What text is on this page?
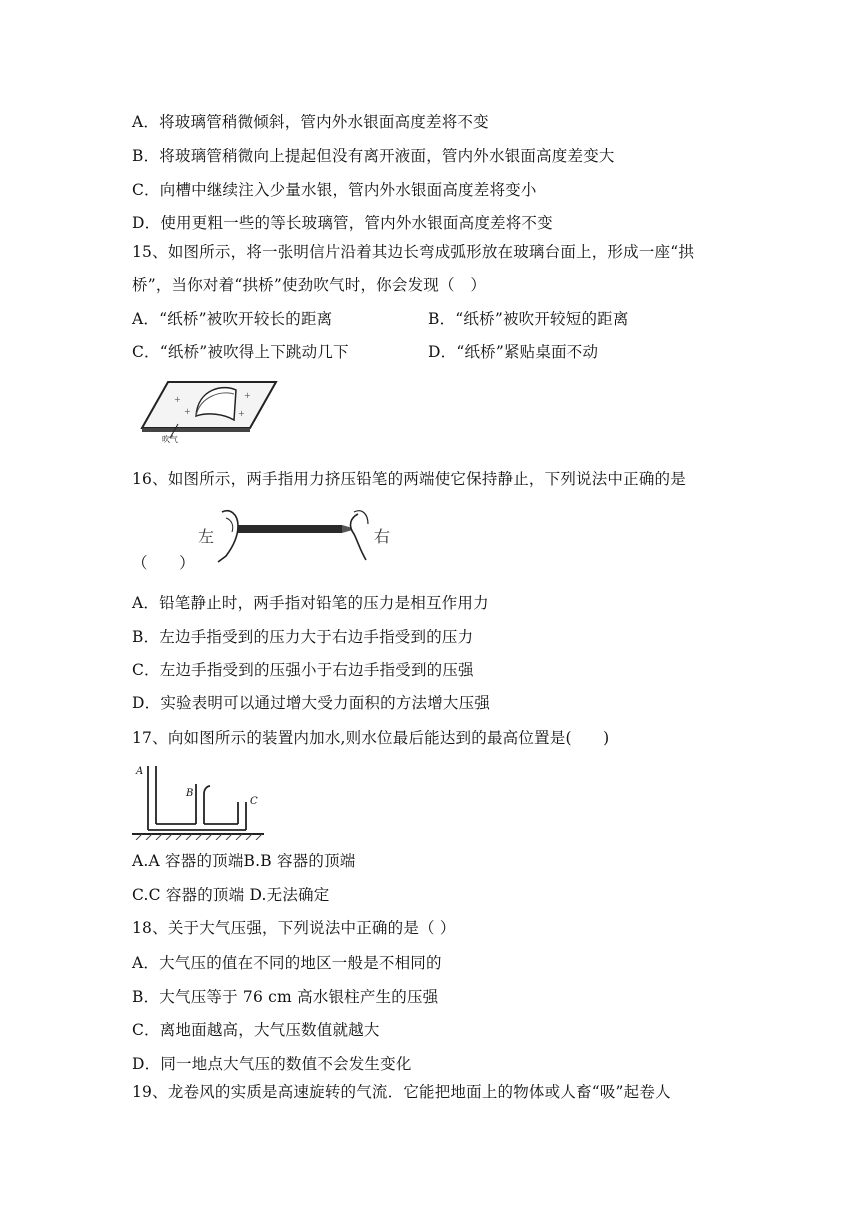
A．将玻璃管稍微倾斜，管内外水银面高度差将不变
B．将玻璃管稍微向上提起但没有离开液面，管内外水银面高度差变大
C．向槽中继续注入少量水银，管内外水银面高度差将变小
D．使用更粗一些的等长玻璃管，管内外水银面高度差将不变
15、如图所示，将一张明信片沿着其边长弯成弧形放在玻璃台面上，形成一座“拱
桥”，当你对着“拱桥”使劲吹气时，你会发现（　）
A．“纸桥”被吹开较长的距离	B．“纸桥”被吹开较短的距离
C．“纸桥”被吹得上下跳动几下	D．“纸桥”紧贴桌面不动
+
+
+
+
吹气
16、如图所示，两手指用力挤压铅笔的两端使它保持静止，下列说法中正确的是
左	右
（　　）
A．铅笔静止时，两手指对铅笔的压力是相互作用力
B．左边手指受到的压力大于右边手指受到的压力
C．左边手指受到的压强小于右边手指受到的压强
D．实验表明可以通过增大受力面积的方法增大压强
17、向如图所示的装置内加水,则水位最后能达到的最高位置是(　　)
A
B
C
A.A 容器的顶端B.B 容器的顶端
C.C 容器的顶端 D.无法确定
18、关于大气压强，下列说法中正确的是（ ）
A．大气压的值在不同的地区一般是不相同的
B．大气压等于 76 cm 高水银柱产生的压强
C．离地面越高，大气压数值就越大
D．同一地点大气压的数值不会发生变化
19、龙卷风的实质是高速旋转的气流．它能把地面上的物体或人畜“吸”起卷人
